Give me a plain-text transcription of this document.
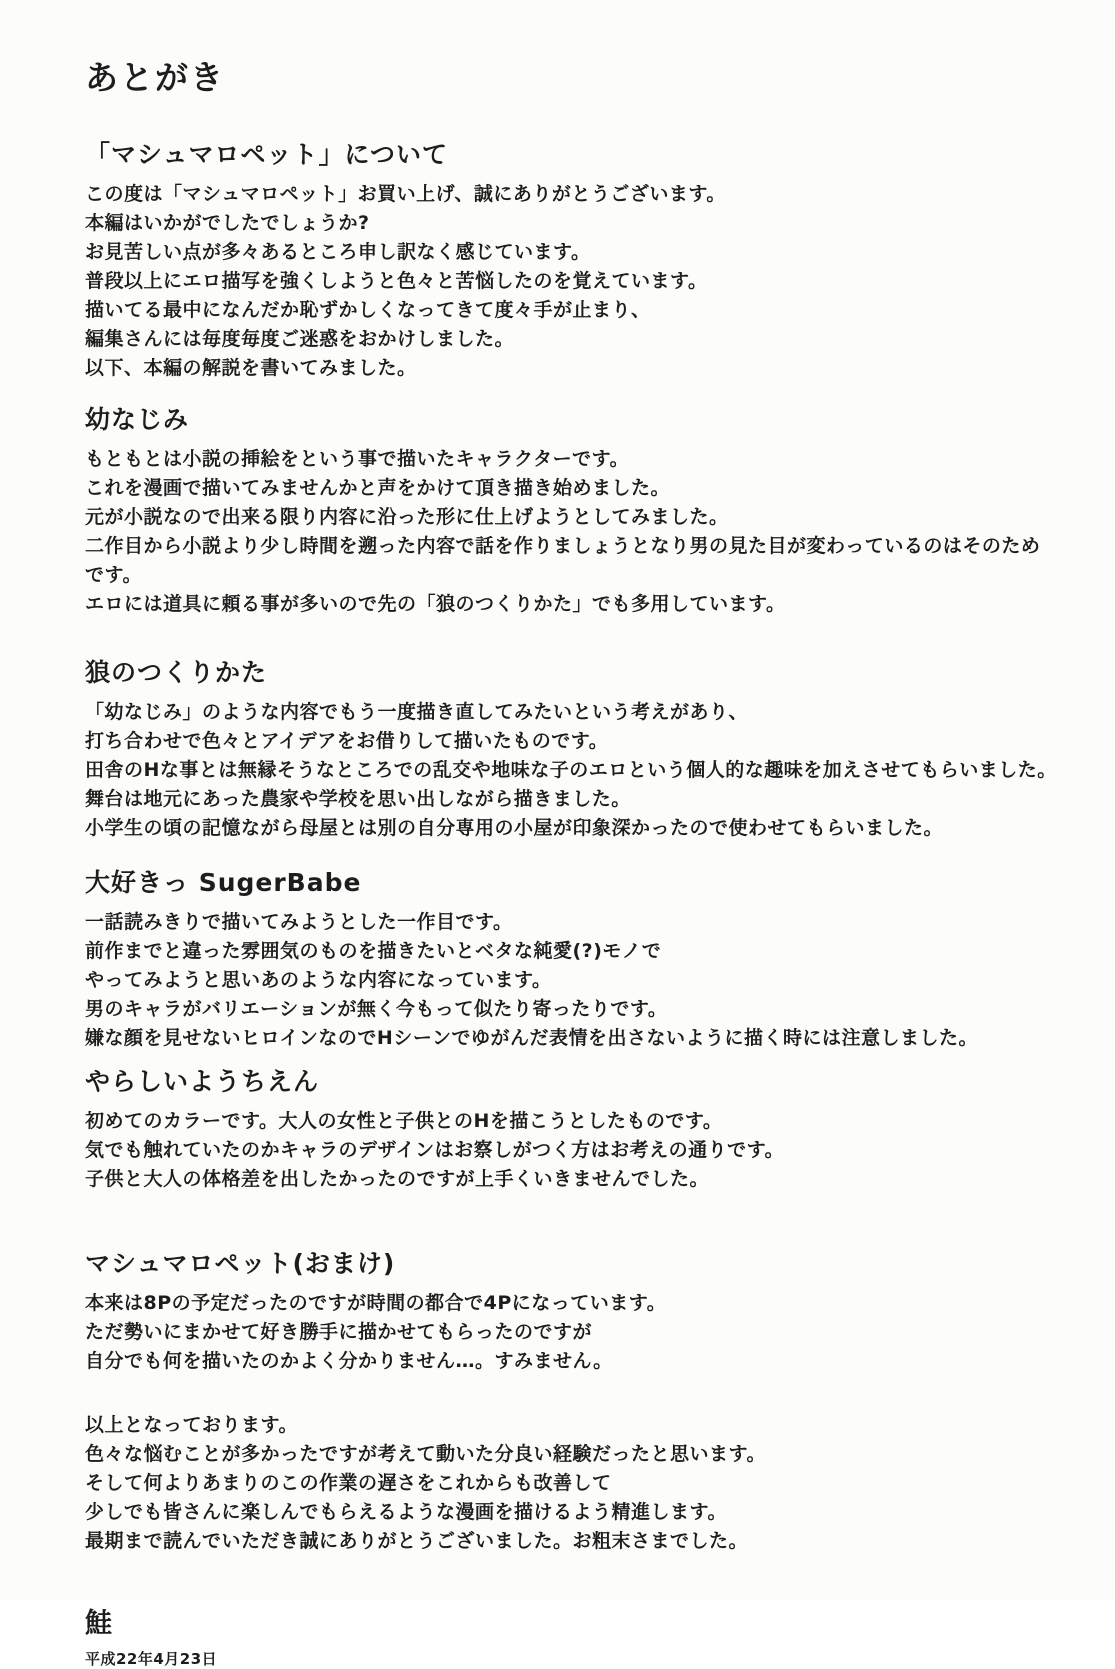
あとがき
「マシュマロペット」について

この度は「マシュマロペット」お買い上げ、誠にありがとうございます。

本編はいかがでしたでしょうか?

お見苦しい点が多々あるところ申し訳なく感じています。

普段以上にエロ描写を強くしようと色々と苦悩したのを覚えています。

描いてる最中になんだか恥ずかしくなってきて度々手が止まり、

編集さんには毎度毎度ご迷惑をおかけしました。

以下、本編の解説を書いてみました。

幼なじみ

もともとは小説の挿絵をという事で描いたキャラクターです。

これを漫画で描いてみませんかと声をかけて頂き描き始めました。

元が小説なので出来る限り内容に沿った形に仕上げようとしてみました。

二作目から小説より少し時間を遡った内容で話を作りましょうとなり男の見た目が変わっているのはそのためです。

エロには道具に頼る事が多いので先の「狼のつくりかた」でも多用しています。

狼のつくりかた

「幼なじみ」のような内容でもう一度描き直してみたいという考えがあり、

打ち合わせで色々とアイデアをお借りして描いたものです。

田舎のHな事とは無縁そうなところでの乱交や地味な子のエロという個人的な趣味を加えさせてもらいました。

舞台は地元にあった農家や学校を思い出しながら描きました。

小学生の頃の記憶ながら母屋とは別の自分専用の小屋が印象深かったので使わせてもらいました。

大好きっ SugerBabe

一話読みきりで描いてみようとした一作目です。

前作までと違った雰囲気のものを描きたいとベタな純愛(?)モノで

やってみようと思いあのような内容になっています。

男のキャラがバリエーションが無く今もって似たり寄ったりです。

嫌な顔を見せないヒロインなのでHシーンでゆがんだ表情を出さないように描く時には注意しました。

やらしいようちえん

初めてのカラーです。大人の女性と子供とのHを描こうとしたものです。

気でも触れていたのかキャラのデザインはお察しがつく方はお考えの通りです。

子供と大人の体格差を出したかったのですが上手くいきませんでした。

マシュマロペット(おまけ)

本来は8Pの予定だったのですが時間の都合で4Pになっています。

ただ勢いにまかせて好き勝手に描かせてもらったのですが

自分でも何を描いたのかよく分かりません…。すみません。

以上となっております。

色々な悩むことが多かったですが考えて動いた分良い経験だったと思います。

そして何よりあまりのこの作業の遅さをこれからも改善して

少しでも皆さんに楽しんでもらえるような漫画を描けるよう精進します。

最期まで読んでいただき誠にありがとうございました。お粗末さまでした。

鮭
平成22年4月23日
